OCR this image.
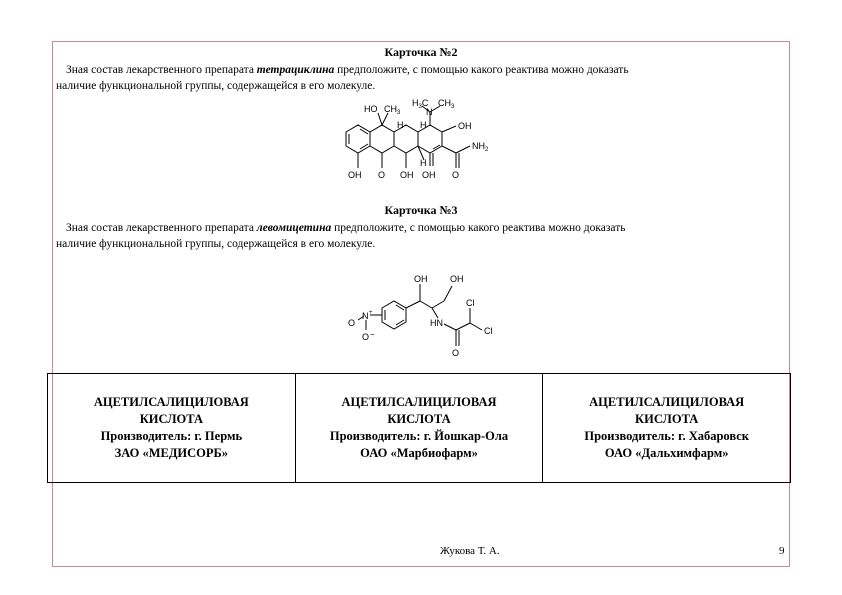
Карточка №2
Зная состав лекарственного препарата тетрациклина предположите, с помощью какого реактива можно доказать
наличие функциональной группы, содержащейся в его молекуле.
HO $CH_3$
$H_3C$
N
$CH_3$
OH
$NH_2$
OH O OH OH O
H H
H
Карточка №3
Зная состав лекарственного препарата левомицетина предположите, с помощью какого реактива можно доказать
наличие функциональной группы, содержащейся в его молекуле.
OH	OH
Cl
Cl
HN
O
N +
O
O −
АЦЕТИЛСАЛИЦИЛОВАЯ
КИСЛОТА
Производитель: г. Пермь
ЗАО «МЕДИСОРБ»
АЦЕТИЛСАЛИЦИЛОВАЯ
КИСЛОТА
Производитель: г. Йошкар-Ола
ОАО «Марбиофарм»
АЦЕТИЛСАЛИЦИЛОВАЯ
КИСЛОТА
Производитель: г. Хабаровск
ОАО «Дальхимфарм»
Жукова Т. А.	9
